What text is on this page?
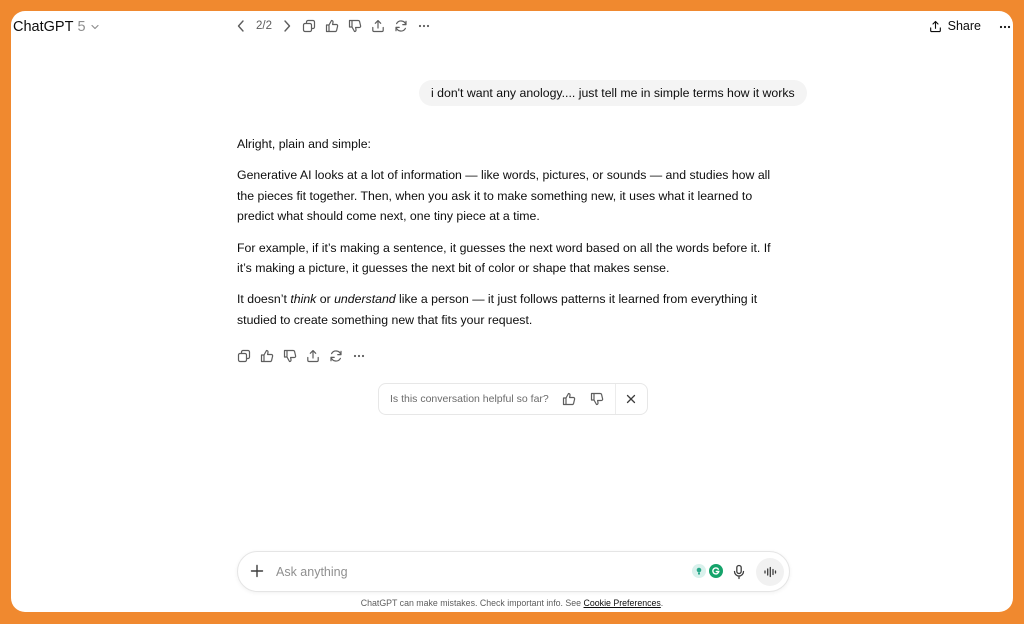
ChatGPT 5	2/2	Share
i don't want any anology.... just tell me in simple terms how it works

Alright, plain and simple:

Generative AI looks at a lot of information — like words, pictures, or sounds — and studies how all the pieces fit together. Then, when you ask it to make something new, it uses what it learned to predict what should come next, one tiny piece at a time.

For example, if it’s making a sentence, it guesses the next word based on all the words before it. If it’s making a picture, it guesses the next bit of color or shape that makes sense.

It doesn’t think or understand like a person — it just follows patterns it learned from everything it studied to create something new that fits your request.

Is this conversation helpful so far?
Ask anything
ChatGPT can make mistakes. Check important info. See Cookie Preferences.
